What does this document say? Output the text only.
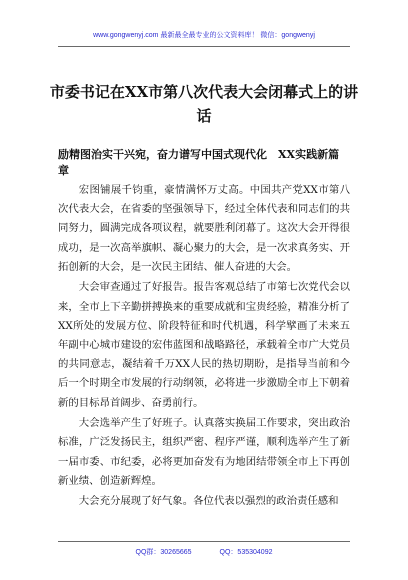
www.gongwenyj.com 最新最全最专业的公文资料库！ 微信：gongwenyj
市委书记在XX市第八次代表大会闭幕式上的讲话
励精图治实干兴宛，奋力谱写中国式现代化　XX实践新篇章

宏图铺展千钧重，豪情满怀万丈高。中国共产党XX市第八次代表大会，在省委的坚强领导下，经过全体代表和同志们的共同努力，圆满完成各项议程，就要胜利闭幕了。这次大会开得很成功，是一次高举旗帜、凝心聚力的大会，是一次求真务实、开拓创新的大会，是一次民主团结、催人奋进的大会。

大会审查通过了好报告。报告客观总结了市第七次党代会以来，全市上下辛勤拼搏换来的重要成就和宝贵经验，精准分析了XX所处的发展方位、阶段特征和时代机遇，科学擘画了未来五年副中心城市建设的宏伟蓝图和战略路径，承载着全市广大党员的共同意志，凝结着千万XX人民的热切期盼，是指导当前和今后一个时期全市发展的行动纲领，必将进一步激励全市上下朝着新的目标昂首阔步、奋勇前行。

大会选举产生了好班子。认真落实换届工作要求，突出政治标准，广泛发扬民主，组织严密、程序严谨，顺利选举产生了新一届市委、市纪委，必将更加奋发有为地团结带领全市上下再创新业绩、创造新辉煌。

大会充分展现了好气象。各位代表以强烈的政治责任感和

QQ群：30265665	QQ：535304092
